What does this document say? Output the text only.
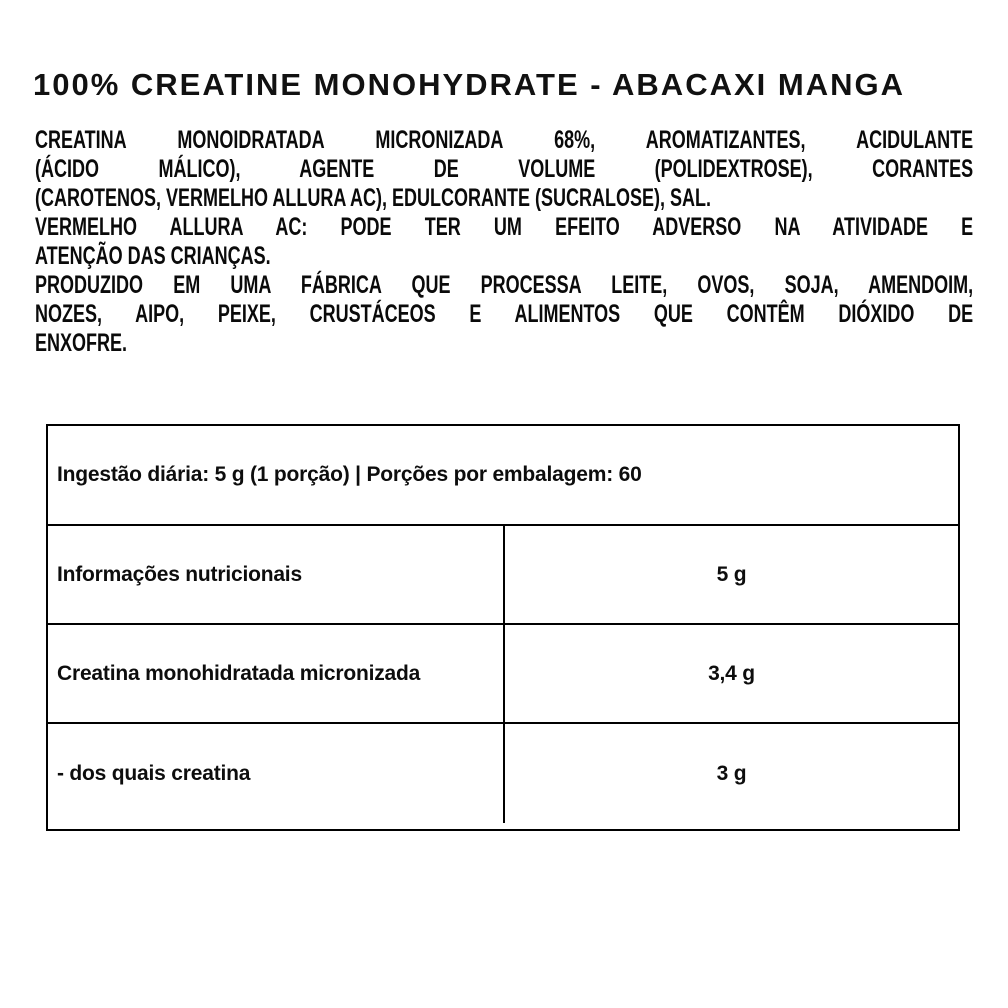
100% CREATINE MONOHYDRATE - ABACAXI MANGA
CREATINA MONOIDRATADA MICRONIZADA 68%, AROMATIZANTES, ACIDULANTE
(ÁCIDO MÁLICO), AGENTE DE VOLUME (POLIDEXTROSE), CORANTES
(CAROTENOS, VERMELHO ALLURA AC), EDULCORANTE (SUCRALOSE), SAL.
VERMELHO ALLURA AC: PODE TER UM EFEITO ADVERSO NA ATIVIDADE E
ATENÇÃO DAS CRIANÇAS.
PRODUZIDO EM UMA FÁBRICA QUE PROCESSA LEITE, OVOS, SOJA, AMENDOIM,
NOZES, AIPO, PEIXE, CRUSTÁCEOS E ALIMENTOS QUE CONTÊM DIÓXIDO DE
ENXOFRE.
Ingestão diária: 5 g (1 porção) | Porções por embalagem: 60
Informações nutricionais	5 g
Creatina monohidratada micronizada	3,4 g
- dos quais creatina	3 g
